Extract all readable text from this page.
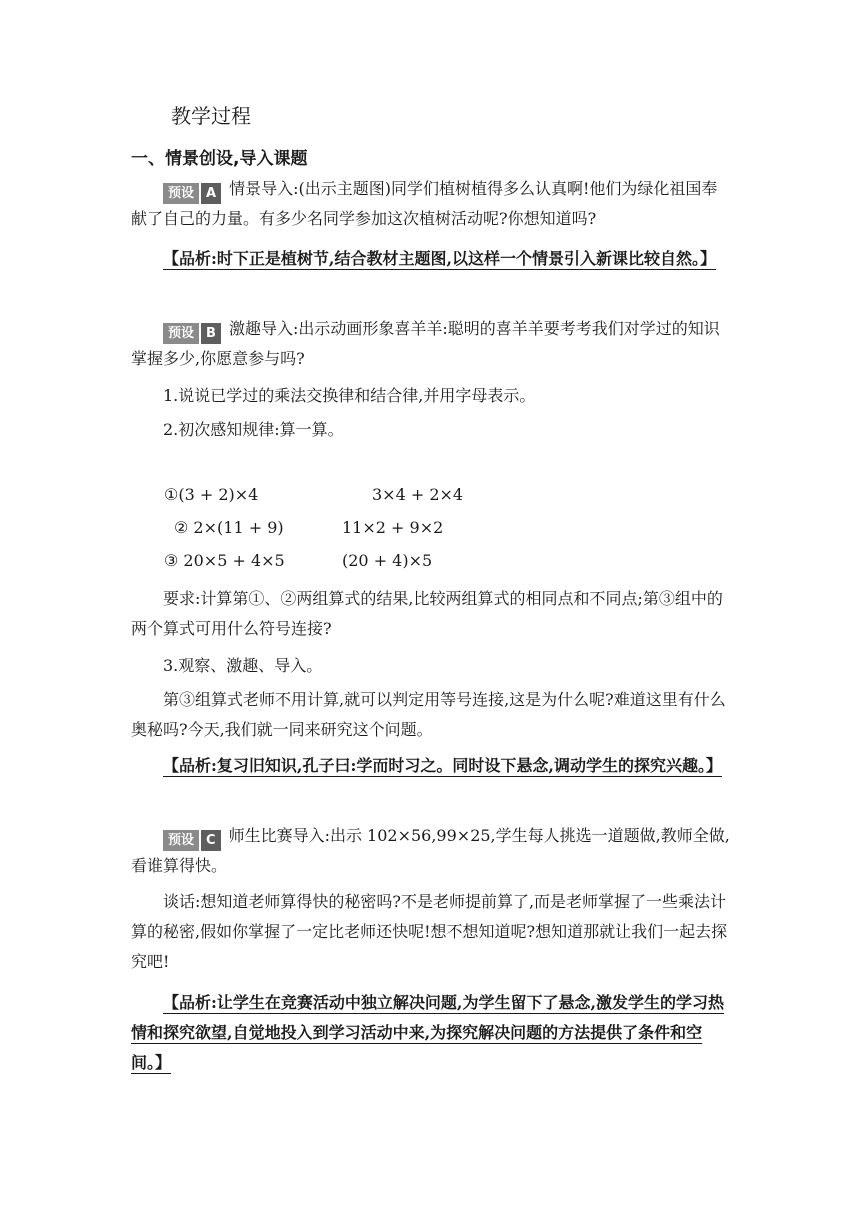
教学过程
一、情景创设,导入课题
预设 A 情景导入:(出示主题图)同学们植树植得多么认真啊!他们为绿化祖国奉献了自己的力量。有多少名同学参加这次植树活动呢?你想知道吗?
【品析:时下正是植树节,结合教材主题图,以这样一个情景引入新课比较自然。】
预设 B 激趣导入:出示动画形象喜羊羊:聪明的喜羊羊要考考我们对学过的知识掌握多少,你愿意参与吗?
1.说说已学过的乘法交换律和结合律,并用字母表示。
2.初次感知规律:算一算。
①(3 + 2)×4	3×4 + 2×4
② 2×(11 + 9)	11×2 + 9×2
③ 20×5 + 4×5	(20 + 4)×5
要求:计算第①、②两组算式的结果,比较两组算式的相同点和不同点;第③组中的两个算式可用什么符号连接?
3.观察、激趣、导入。
第③组算式老师不用计算,就可以判定用等号连接,这是为什么呢?难道这里有什么奥秘吗?今天,我们就一同来研究这个问题。
【品析:复习旧知识,孔子曰:学而时习之。同时设下悬念,调动学生的探究兴趣。】
预设 C 师生比赛导入:出示 102×56,99×25,学生每人挑选一道题做,教师全做,看谁算得快。
谈话:想知道老师算得快的秘密吗?不是老师提前算了,而是老师掌握了一些乘法计算的秘密,假如你掌握了一定比老师还快呢!想不想知道呢?想知道那就让我们一起去探究吧!
【品析:让学生在竞赛活动中独立解决问题,为学生留下了悬念,激发学生的学习热情和探究欲望,自觉地投入到学习活动中来,为探究解决问题的方法提供了条件和空间。】
